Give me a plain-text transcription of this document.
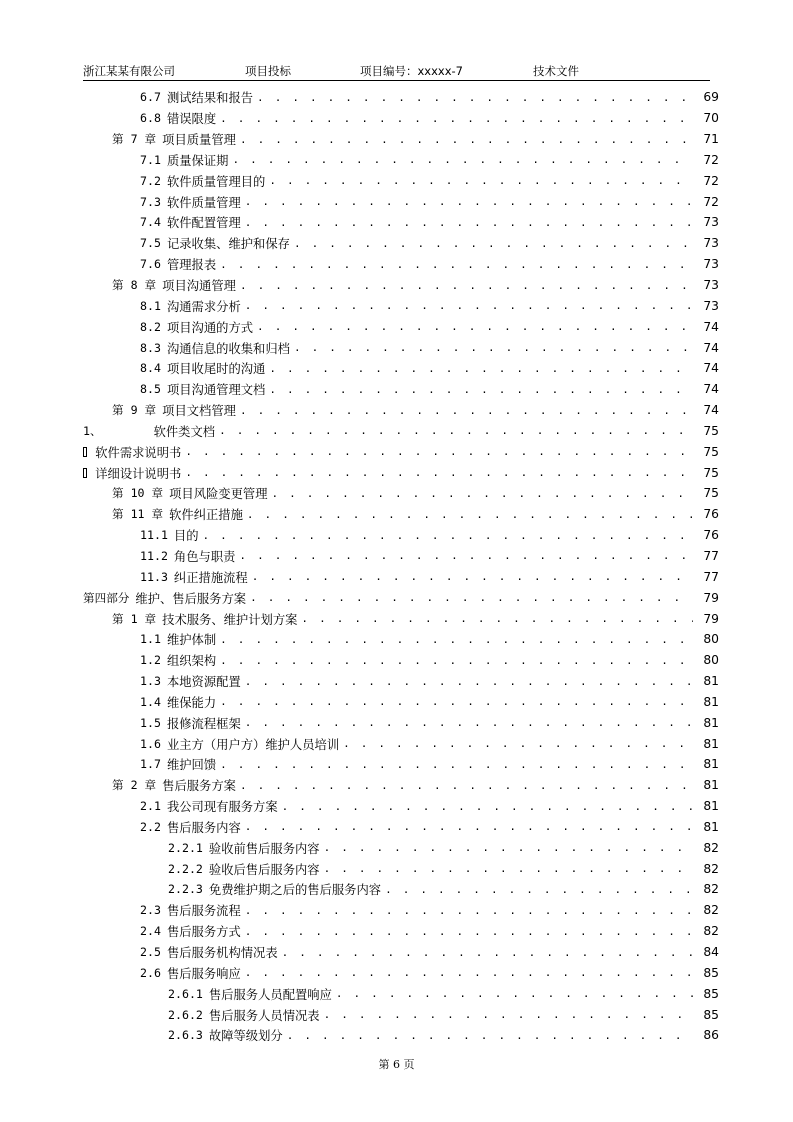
浙江某某有限公司	项目投标	项目编号：xxxxx-7	技术文件
6.7 测试结果和报告 . . .	69
6.8 错误限度 . . .	70
第 7 章 项目质量管理 . . .	71
7.1 质量保证期 . . .	72
7.2 软件质量管理目的 . . .	72
7.3 软件质量管理 . . .	72
7.4 软件配置管理 . . .	73
7.5 记录收集、维护和保存 . . .	73
7.6 管理报表 . . .	73
第 8 章 项目沟通管理 . . .	73
8.1 沟通需求分析 . . .	73
8.2 项目沟通的方式 . . .	74
8.3 沟通信息的收集和归档 . . .	74
8.4 项目收尾时的沟通 . . .	74
8.5 项目沟通管理文档 . . .	74
第 9 章 项目文档管理 . . .	74
1、	软件类文档 . . .	75
软件需求说明书 . . .	75
详细设计说明书 . . .	75
第 10 章 项目风险变更管理 . . .	75
第 11 章 软件纠正措施 . . .	76
11.1 目的 . . .	76
11.2 角色与职责 . . .	77
11.3 纠正措施流程 . . .	77
第四部分 维护、售后服务方案 . . .	79
第 1 章 技术服务、维护计划方案 . . .	79
1.1 维护体制 . . .	80
1.2 组织架构 . . .	80
1.3 本地资源配置 . . .	81
1.4 维保能力 . . .	81
1.5 报修流程框架 . . .	81
1.6 业主方（用户方）维护人员培训 . . .	81
1.7 维护回馈 . . .	81
第 2 章 售后服务方案 . . .	81
2.1 我公司现有服务方案 . . .	81
2.2 售后服务内容 . . .	81
2.2.1 验收前售后服务内容 . . .	82
2.2.2 验收后售后服务内容 . . .	82
2.2.3 免费维护期之后的售后服务内容 . . .	82
2.3 售后服务流程 . . .	82
2.4 售后服务方式 . . .	82
2.5 售后服务机构情况表 . . .	84
2.6 售后服务响应 . . .	85
2.6.1 售后服务人员配置响应 . . .	85
2.6.2 售后服务人员情况表 . . .	85
2.6.3 故障等级划分 . . .	86
第 6 页
